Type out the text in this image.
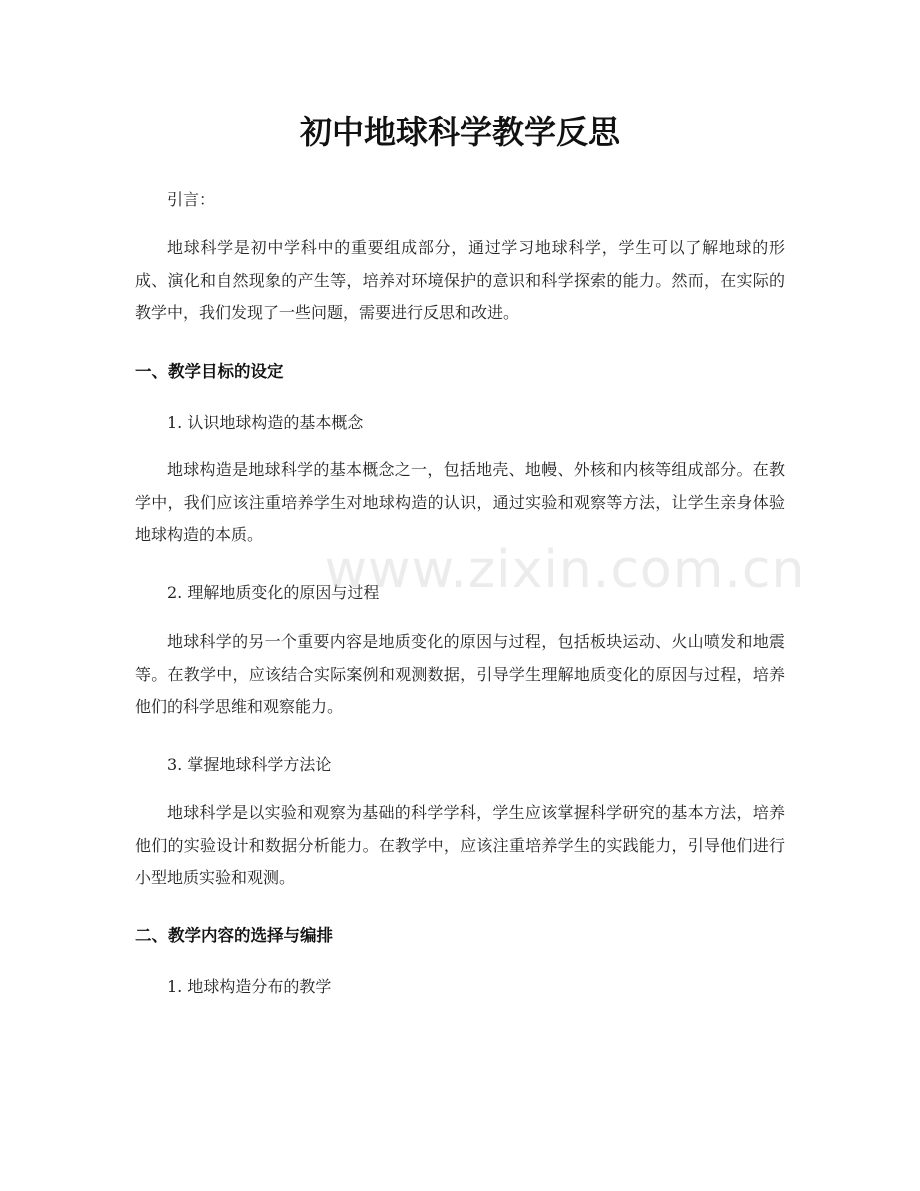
初中地球科学教学反思

引言：

地球科学是初中学科中的重要组成部分，通过学习地球科学，学生可以了解地球的形成、演化和自然现象的产生等，培养对环境保护的意识和科学探索的能力。然而，在实际的教学中，我们发现了一些问题，需要进行反思和改进。

一、教学目标的设定

1. 认识地球构造的基本概念

地球构造是地球科学的基本概念之一，包括地壳、地幔、外核和内核等组成部分。在教学中，我们应该注重培养学生对地球构造的认识，通过实验和观察等方法，让学生亲身体验地球构造的本质。

2. 理解地质变化的原因与过程

地球科学的另一个重要内容是地质变化的原因与过程，包括板块运动、火山喷发和地震等。在教学中，应该结合实际案例和观测数据，引导学生理解地质变化的原因与过程，培养他们的科学思维和观察能力。

3. 掌握地球科学方法论

地球科学是以实验和观察为基础的科学学科，学生应该掌握科学研究的基本方法，培养他们的实验设计和数据分析能力。在教学中，应该注重培养学生的实践能力，引导他们进行小型地质实验和观测。

二、教学内容的选择与编排

1. 地球构造分布的教学

www.zixin.com.cn
